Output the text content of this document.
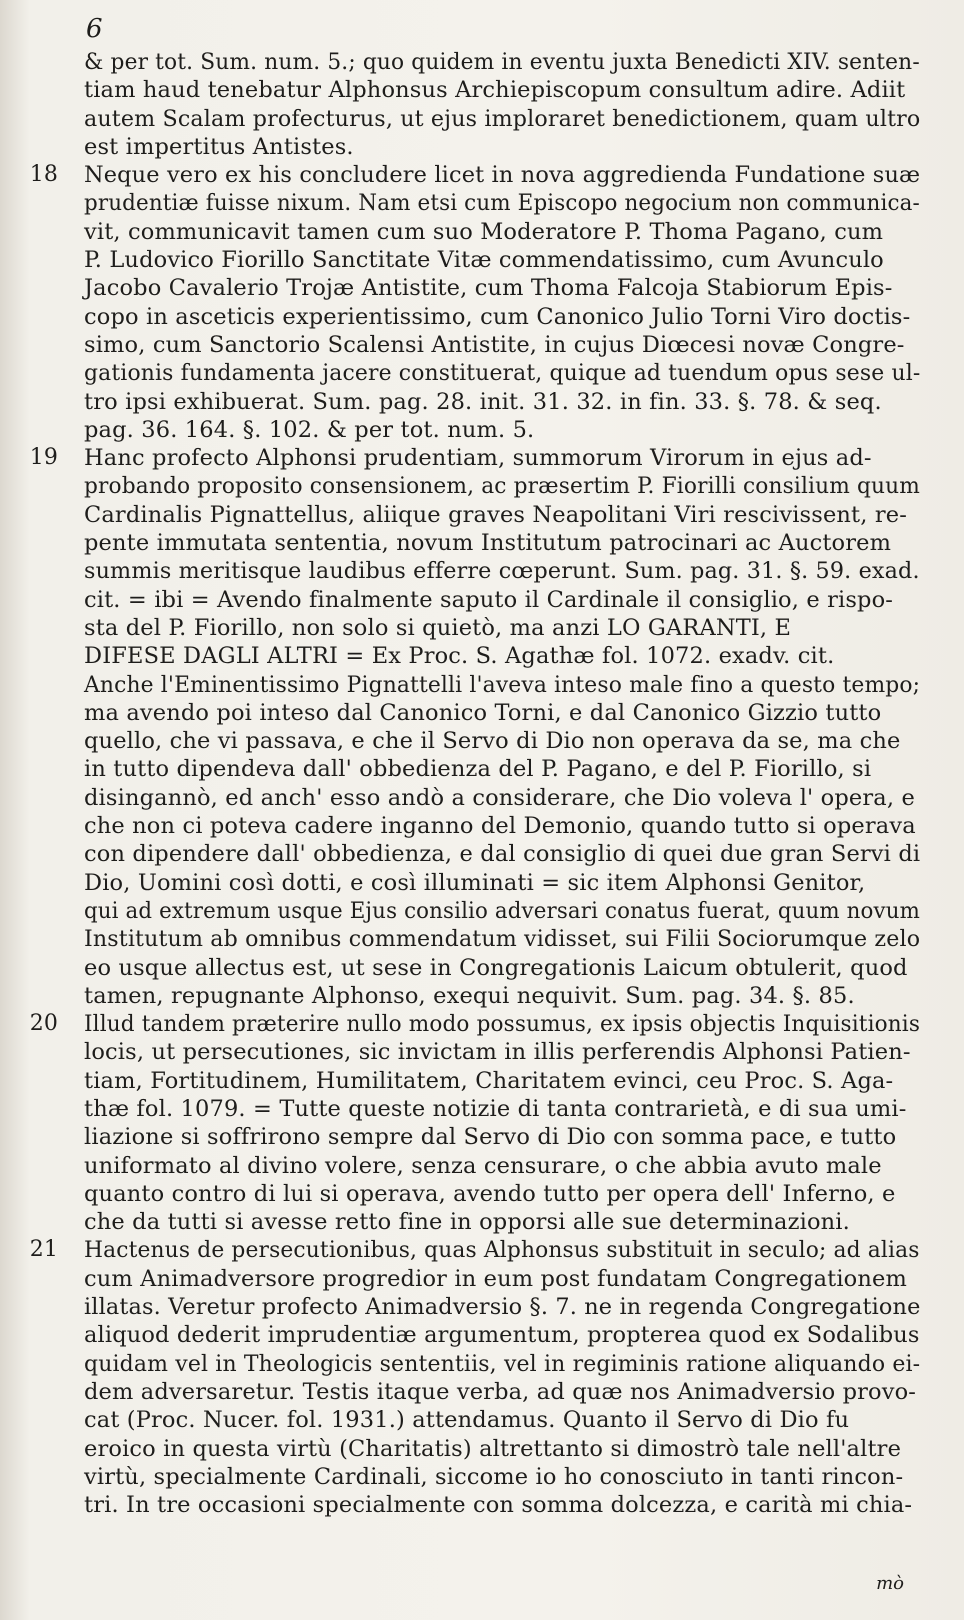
6
& per tot. Sum. num. 5.; quo quidem in eventu juxta Benedicti XIV. senten-
tiam haud tenebatur Alphonsus Archiepiscopum consultum adire. Adiit
autem Scalam profecturus, ut ejus imploraret benedictionem, quam ultro
est impertitus Antistes.
18 Neque vero ex his concludere licet in nova aggredienda Fundatione suæ
prudentiæ fuisse nixum. Nam etsi cum Episcopo negocium non communica-
vit, communicavit tamen cum suo Moderatore P. Thoma Pagano, cum
P. Ludovico Fiorillo Sanctitate Vitæ commendatissimo, cum Avunculo
Jacobo Cavalerio Trojæ Antistite, cum Thoma Falcoja Stabiorum Epis-
copo in asceticis experientissimo, cum Canonico Julio Torni Viro doctis-
simo, cum Sanctorio Scalensi Antistite, in cujus Diœcesi novæ Congre-
gationis fundamenta jacere constituerat, quique ad tuendum opus sese ul-
tro ipsi exhibuerat. Sum. pag. 28. init. 31. 32. in fin. 33. §. 78. & seq.
pag. 36. 164. §. 102. & per tot. num. 5.
19 Hanc profecto Alphonsi prudentiam, summorum Virorum in ejus ad-
probando proposito consensionem, ac præsertim P. Fiorilli consilium quum
Cardinalis Pignattellus, aliique graves Neapolitani Viri rescivissent, re-
pente immutata sententia, novum Institutum patrocinari ac Auctorem
summis meritisque laudibus efferre cœperunt. Sum. pag. 31. §. 59. exad.
cit. = ibi = Avendo finalmente saputo il Cardinale il consiglio, e rispo-
sta del P. Fiorillo, non solo si quietò, ma anzi LO GARANTI, E
DIFESE DAGLI ALTRI = Ex Proc. S. Agathæ fol. 1072. exadv. cit.
Anche l'Eminentissimo Pignattelli l'aveva inteso male fino a questo tempo;
ma avendo poi inteso dal Canonico Torni, e dal Canonico Gizzio tutto
quello, che vi passava, e che il Servo di Dio non operava da se, ma che
in tutto dipendeva dall' obbedienza del P. Pagano, e del P. Fiorillo, si
disingannò, ed anch' esso andò a considerare, che Dio voleva l' opera, e
che non ci poteva cadere inganno del Demonio, quando tutto si operava
con dipendere dall' obbedienza, e dal consiglio di quei due gran Servi di
Dio, Uomini così dotti, e così illuminati = sic item Alphonsi Genitor,
qui ad extremum usque Ejus consilio adversari conatus fuerat, quum novum
Institutum ab omnibus commendatum vidisset, sui Filii Sociorumque zelo
eo usque allectus est, ut sese in Congregationis Laicum obtulerit, quod
tamen, repugnante Alphonso, exequi nequivit. Sum. pag. 34. §. 85.
20 Illud tandem præterire nullo modo possumus, ex ipsis objectis Inquisitionis
locis, ut persecutiones, sic invictam in illis perferendis Alphonsi Patien-
tiam, Fortitudinem, Humilitatem, Charitatem evinci, ceu Proc. S. Aga-
thæ fol. 1079. = Tutte queste notizie di tanta contrarietà, e di sua umi-
liazione si soffrirono sempre dal Servo di Dio con somma pace, e tutto
uniformato al divino volere, senza censurare, o che abbia avuto male
quanto contro di lui si operava, avendo tutto per opera dell' Inferno, e
che da tutti si avesse retto fine in opporsi alle sue determinazioni.
21 Hactenus de persecutionibus, quas Alphonsus substituit in seculo; ad alias
cum Animadversore progredior in eum post fundatam Congregationem
illatas. Veretur profecto Animadversio §. 7. ne in regenda Congregatione
aliquod dederit imprudentiæ argumentum, propterea quod ex Sodalibus
quidam vel in Theologicis sententiis, vel in regiminis ratione aliquando ei-
dem adversaretur. Testis itaque verba, ad quæ nos Animadversio provo-
cat (Proc. Nucer. fol. 1931.) attendamus. Quanto il Servo di Dio fu
eroico in questa virtù (Charitatis) altrettanto si dimostrò tale nell'altre
virtù, specialmente Cardinali, siccome io ho conosciuto in tanti rincon-
tri. In tre occasioni specialmente con somma dolcezza, e carità mi chia-
mò
